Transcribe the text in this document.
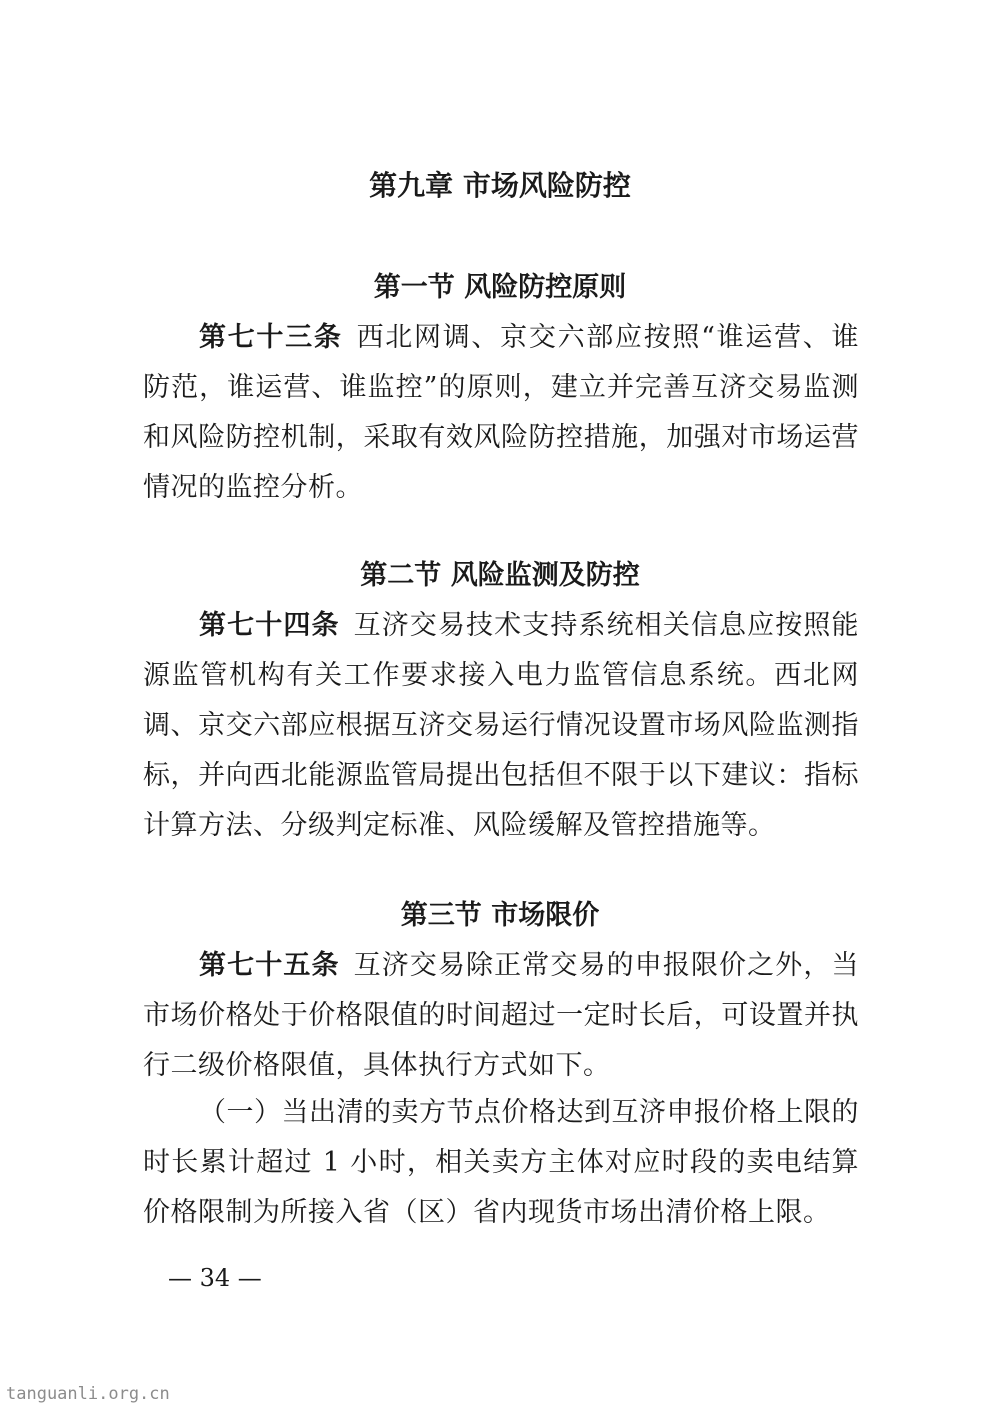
第九章 市场风险防控
第一节 风险防控原则

第七十三条 西北网调、京交六部应按照“谁运营、谁防范，谁运营、谁监控”的原则，建立并完善互济交易监测和风险防控机制，采取有效风险防控措施，加强对市场运营情况的监控分析。

第二节 风险监测及防控

第七十四条 互济交易技术支持系统相关信息应按照能源监管机构有关工作要求接入电力监管信息系统。西北网调、京交六部应根据互济交易运行情况设置市场风险监测指标，并向西北能源监管局提出包括但不限于以下建议：指标计算方法、分级判定标准、风险缓解及管控措施等。

第三节 市场限价

第七十五条 互济交易除正常交易的申报限价之外，当市场价格处于价格限值的时间超过一定时长后，可设置并执行二级价格限值，具体执行方式如下。

（一）当出清的卖方节点价格达到互济申报价格上限的时长累计超过 1 小时，相关卖方主体对应时段的卖电结算价格限制为所接入省（区）省内现货市场出清价格上限。

— 34 —
tanguanli.org.cn
